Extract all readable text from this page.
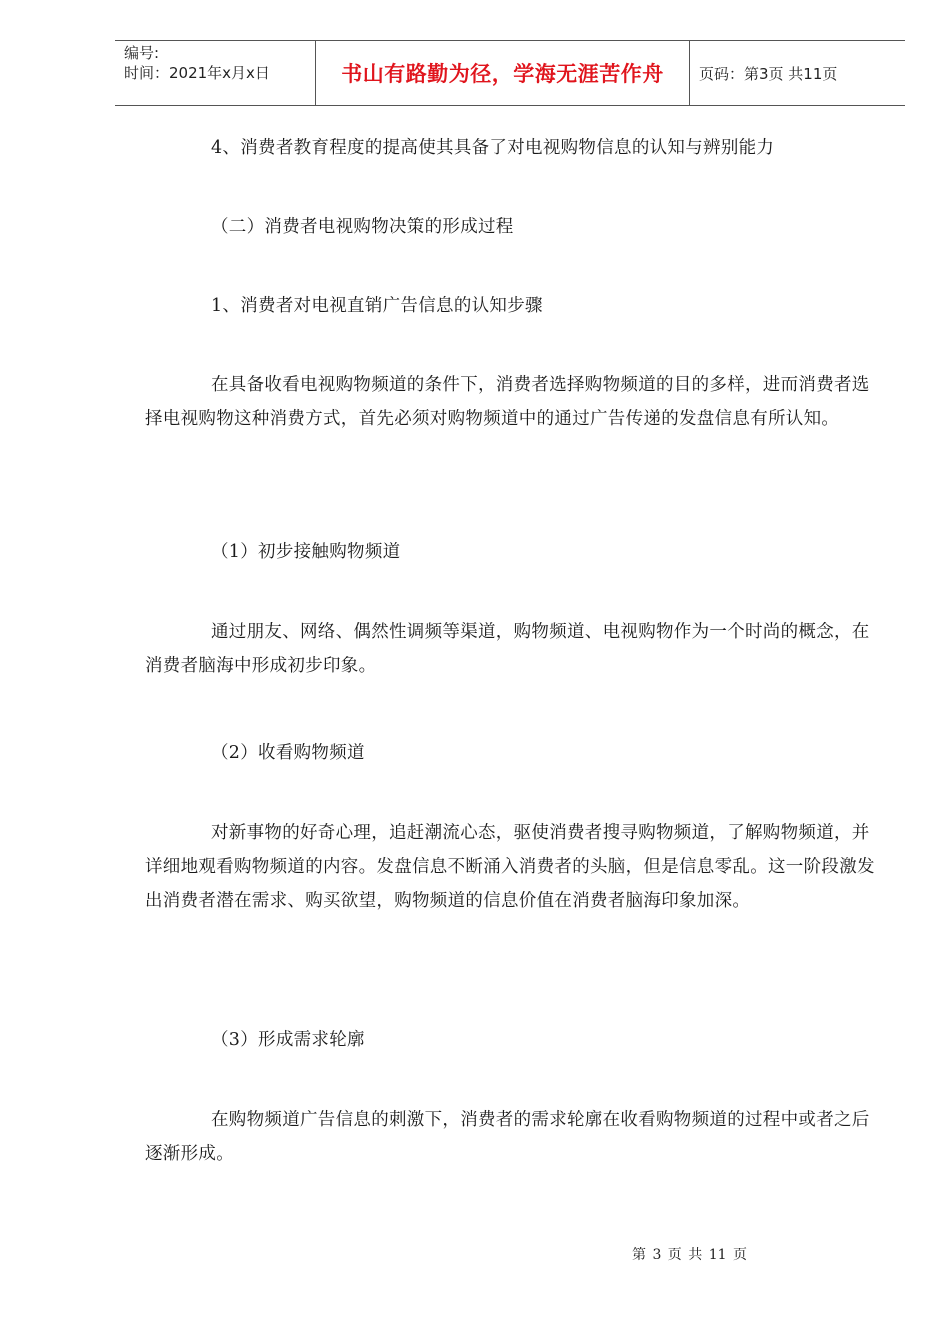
编号:
时间：2021年x月x日	书山有路勤为径，学海无涯苦作舟 页码：第3页 共11页
4、消费者教育程度的提高使其具备了对电视购物信息的认知与辨别能力
（二）消费者电视购物决策的形成过程
1、消费者对电视直销广告信息的认知步骤
在具备收看电视购物频道的条件下，消费者选择购物频道的目的多样，进而消费者选择电视购物这种消费方式，首先必须对购物频道中的通过广告传递的发盘信息有所认知。
（1）初步接触购物频道
通过朋友、网络、偶然性调频等渠道，购物频道、电视购物作为一个时尚的概念，在消费者脑海中形成初步印象。
（2）收看购物频道
对新事物的好奇心理，追赶潮流心态，驱使消费者搜寻购物频道，了解购物频道，并详细地观看购物频道的内容。发盘信息不断涌入消费者的头脑，但是信息零乱。这一阶段激发出消费者潜在需求、购买欲望，购物频道的信息价值在消费者脑海印象加深。
（3）形成需求轮廓
在购物频道广告信息的刺激下，消费者的需求轮廓在收看购物频道的过程中或者之后逐渐形成。
第 3 页 共 11 页
